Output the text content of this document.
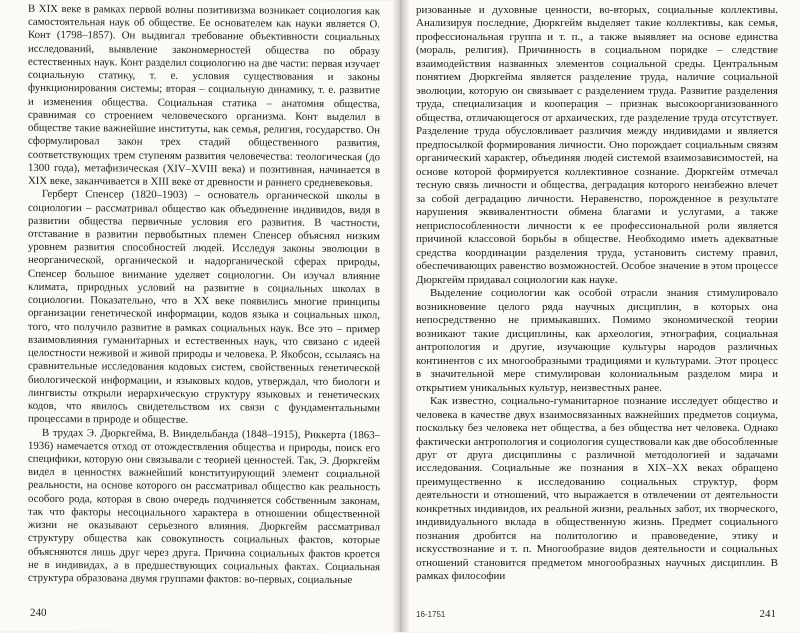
В XIX веке в рамках первой волны позитивизма возникает социология как самостоятельная наук об обществе. Ее основателем как науки является О. Конт (1798–1857). Он выдвигал требование объективности социальных исследований, выявление закономерностей общества по образу естественных наук. Конт разделил социологию на две части: первая изучает социальную статику, т. е. условия существования и законы функционирования системы; вторая – социальную динамику, т. е. развитие и изменения общества. Социальная статика – анатомия общества, сравнимая со строением человеческого организма. Конт выделил в обществе такие важнейшие институты, как семья, религия, государство. Он сформулировал закон трех стадий общественного развития, соответствующих трем ступеням развития человечества: теологическая (до 1300 года), метафизическая (XIV–XVIII века) и позитивная, начинается в XIX веке, заканчивается в XIII веке от древности и раннего средневековья.

Герберт Спенсер (1820–1903) – основатель органической школы в социологии – рассматривал общество как объединение индивидов, видя в развитии общества первичные условия его развития. В частности, отставание в развитии первобытных племен Спенсер объяснял низким уровнем развития способностей людей. Исследуя законы эволюции в неорганической, органической и надорганической сферах природы, Спенсер большое внимание уделяет социологии. Он изучал влияние климата, природных условий на развитие в социальных школах в социологии. Показательно, что в XX веке появились многие принципы организации генетической информации, кодов языка и социальных школ, того, что получило развитие в рамках социальных наук. Все это – пример взаимовлияния гуманитарных и естественных наук, что связано с идеей целостности неживой и живой природы и человека. Р. Якобсон, ссылаясь на сравнительные исследования кодовых систем, свойственных генетической биологической информации, и языковых кодов, утверждал, что биологи и лингвисты открыли иерархическую структуру языковых и генетических кодов, что явилось свидетельством их связи с фундаментальными процессами в природе и обществе.

В трудах Э. Дюркгейма, В. Виндельбанда (1848–1915), Риккерта (1863–1936) намечается отход от отождествления общества и природы, поиск его специфики, которую они связывали с теорией ценностей. Так, Э. Дюркгейм видел в ценностях важнейший конституирующий элемент социальной реальности, на основе которого он рассматривал общество как реальность особого рода, которая в свою очередь подчиняется собственным законам, так что факторы несоциального характера в отношении общественной жизни не оказывают серьезного влияния. Дюркгейм рассматривал структуру общества как совокупность социальных фактов, которые объясняются лишь друг через друга. Причина социальных фактов кроется не в индивидах, а в предшествующих социальных фактах. Социальная структура образована двумя группами фактов: во-первых, социальные

240

ризованные и духовные ценности, во-вторых, социальные коллективы. Анализируя последние, Дюркгейм выделяет такие коллективы, как семья, профессиональная группа и т. п., а также выявляет на основе единства (мораль, религия). Причинность в социальном порядке – следствие взаимодействия названных элементов социальной среды. Центральным понятием Дюркгейма является разделение труда, наличие социальной эволюции, которую он связывает с разделением труда. Развитие разделения труда, специализация и кооперация – признак высокоорганизованного общества, отличающегося от архаических, где разделение труда отсутствует. Разделение труда обусловливает различия между индивидами и является предпосылкой формирования личности. Оно порождает социальным связям органический характер, объединяя людей системой взаимозависимостей, на основе которой формируется коллективное сознание. Дюркгейм отмечал тесную связь личности и общества, деградация которого неизбежно влечет за собой деградацию личности. Неравенство, порожденное в результате нарушения эквивалентности обмена благами и услугами, а также неприспособленности личности к ее профессиональной роли является причиной классовой борьбы в обществе. Необходимо иметь адекватные средства координации разделения труда, установить систему правил, обеспечивающих равенство возможностей. Особое значение в этом процессе Дюркгейм придавал социологии как науке.

Выделение социологии как особой отрасли знания стимулировало возникновение целого ряда научных дисциплин, в которых она непосредственно не примыкавших. Помимо экономической теории возникают такие дисциплины, как археология, этнография, социальная антропология и другие, изучающие культуры народов различных континентов с их многообразными традициями и культурами. Этот процесс в значительной мере стимулирован колониальным разделом мира и открытием уникальных культур, неизвестных ранее.

Как известно, социально-гуманитарное познание исследует общество и человека в качестве двух взаимосвязанных важнейших предметов социума, поскольку без человека нет общества, а без общества нет человека. Однако фактически антропология и социология существовали как две обособленные друг от друга дисциплины с различной методологией и задачами исследования. Социальные же познания в XIX–XX веках обращено преимущественно к исследованию социальных структур, форм деятельности и отношений, что выражается в отвлечении от деятельности конкретных индивидов, их реальной жизни, реальных забот, их творческого, индивидуального вклада в общественную жизнь. Предмет социального познания дробится на политологию и правоведение, этику и искусствознание и т. п. Многообразие видов деятельности и социальных отношений становится предметом многообразных научных дисциплин. В рамках философии

16-1751	241
